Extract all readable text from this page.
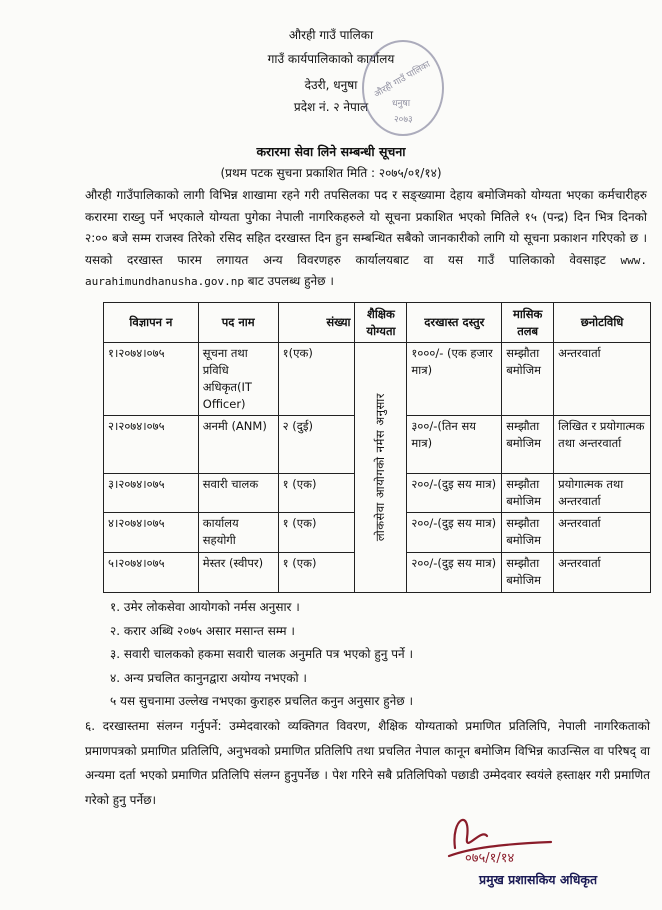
औरही गाउँ पालिका
गाउँ कार्यपालिकाको कार्यालय
देउरी, धनुषा
प्रदेश नं. २ नेपाल
औरही गाउँ पालिका
धनुषा
२०७३
करारमा सेवा लिने सम्बन्धी सूचना
(प्रथम पटक सुचना प्रकाशित मिति : २०७५/०१/१४)
औरही गाउँपालिकाको लागी विभिन्न शाखामा रहने गरी तपसिलका पद र सङ्ख्यामा देहाय बमोजिमको योग्यता भएका कर्मचारीहरु करारमा राख्नु पर्ने भएकाले योग्यता पुगेका नेपाली नागरिकहरुले यो सूचना प्रकाशित भएको मितिले १५ (पन्द्र) दिन भित्र दिनको २:०० बजे सम्म राजस्व तिरेको रसिद सहित दरखास्त दिन हुन सम्बन्धित सबैको जानकारीको लागि यो सूचना प्रकाशन गरिएको छ । यसको दरखास्त फारम लगायत अन्य विवरणहरु कार्यालयबाट वा यस गाउँ पालिकाको वेवसाइट www. aurahimundhanusha.gov.np बाट उपलब्ध हुनेछ ।
विज्ञापन न	पद नाम	संख्या	शैक्षिक योग्यता	दरखास्त दस्तुर	मासिक तलब	छनोटविधि
१।२०७४।०७५	सूचना तथा प्रविधि अधिकृत(IT Officer)	१(एक)	लोकसेवा आयोगको नर्मस अनुसार	१०००/- (एक हजार मात्र)	सम्झौता बमोजिम	अन्तरवार्ता
२।२०७४।०७५	अनमी (ANM)	२ (दुई)		३००/-(तिन सय मात्र)	सम्झौता बमोजिम	लिखित र प्रयोगात्मक तथा अन्तरवार्ता
३।२०७४।०७५	सवारी चालक	१ (एक)		२००/-(दुइ सय मात्र)	सम्झौता बमोजिम	प्रयोगात्मक तथा अन्तरवार्ता
४।२०७४।०७५	कार्यालय सहयोगी	१ (एक)		२००/-(दुइ सय मात्र)	सम्झौता बमोजिम	अन्तरवार्ता
५।२०७४।०७५	मेस्तर (स्वीपर)	१ (एक)		२००/-(दुइ सय मात्र)	सम्झौता बमोजिम	अन्तरवार्ता
१. उमेर लोकसेवा आयोगको नर्मस अनुसार ।
२. करार अब्धि २०७५ असार मसान्त सम्म ।
३. सवारी चालकको हकमा सवारी चालक अनुमति पत्र भएको हुनु पर्ने ।
४. अन्य प्रचलित कानुनद्वारा अयोग्य नभएको ।
५ यस सुचनामा उल्लेख नभएका कुराहरु प्रचलित कनुन अनुसार हुनेछ ।
६. दरखास्तमा संलग्न गर्नुपर्ने: उम्मेदवारको व्यक्तिगत विवरण, शैक्षिक योग्यताको प्रमाणित प्रतिलिपि, नेपाली नागरिकताको प्रमाणपत्रको प्रमाणित प्रतिलिपि, अनुभवको प्रमाणित प्रतिलिपि तथा प्रचलित नेपाल कानून बमोजिम विभिन्न काउन्सिल वा परिषद् वा अन्यमा दर्ता भएको प्रमाणित प्रतिलिपि संलग्न हुनुपर्नेछ । पेश गरिने सबै प्रतिलिपिको पछाडी उम्मेदवार स्वयंले हस्ताक्षर गरी प्रमाणित गरेको हुनु पर्नेछ।
०७५/१/१४
प्रमुख प्रशासकिय अधिकृत
